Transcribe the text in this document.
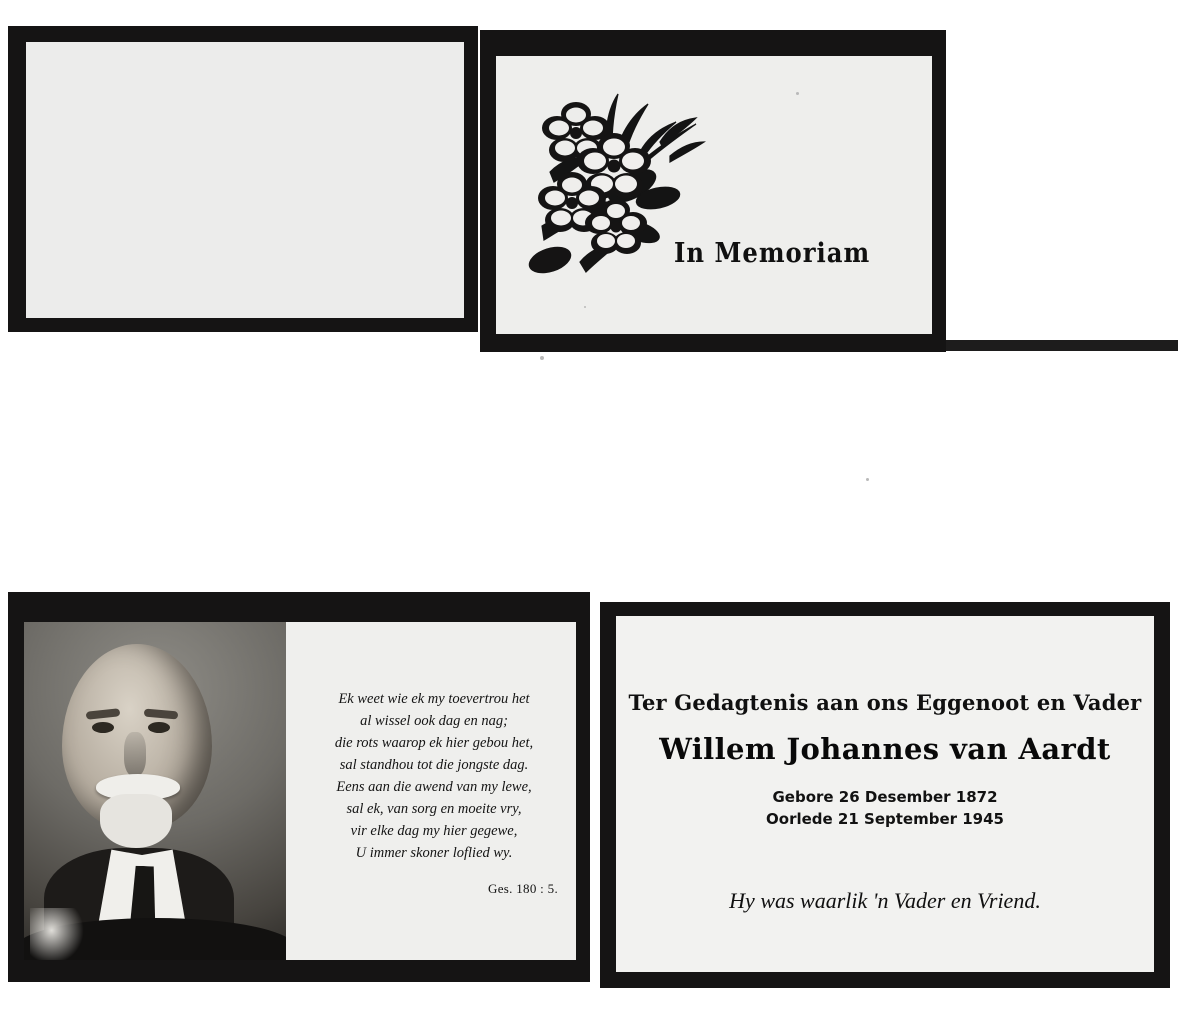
In Memoriam
Ek weet wie ek my toevertrou het
al wissel ook dag en nag;
die rots waarop ek hier gebou het,
sal standhou tot die jongste dag.
Eens aan die awend van my lewe,
sal ek, van sorg en moeite vry,
vir elke dag my hier gegewe,
U immer skoner loflied wy.
Ges. 180 : 5.
Ter Gedagtenis aan ons Eggenoot en Vader
Willem Johannes van Aardt
Gebore 26 Desember 1872
Oorlede 21 September 1945
Hy was waarlik 'n Vader en Vriend.
